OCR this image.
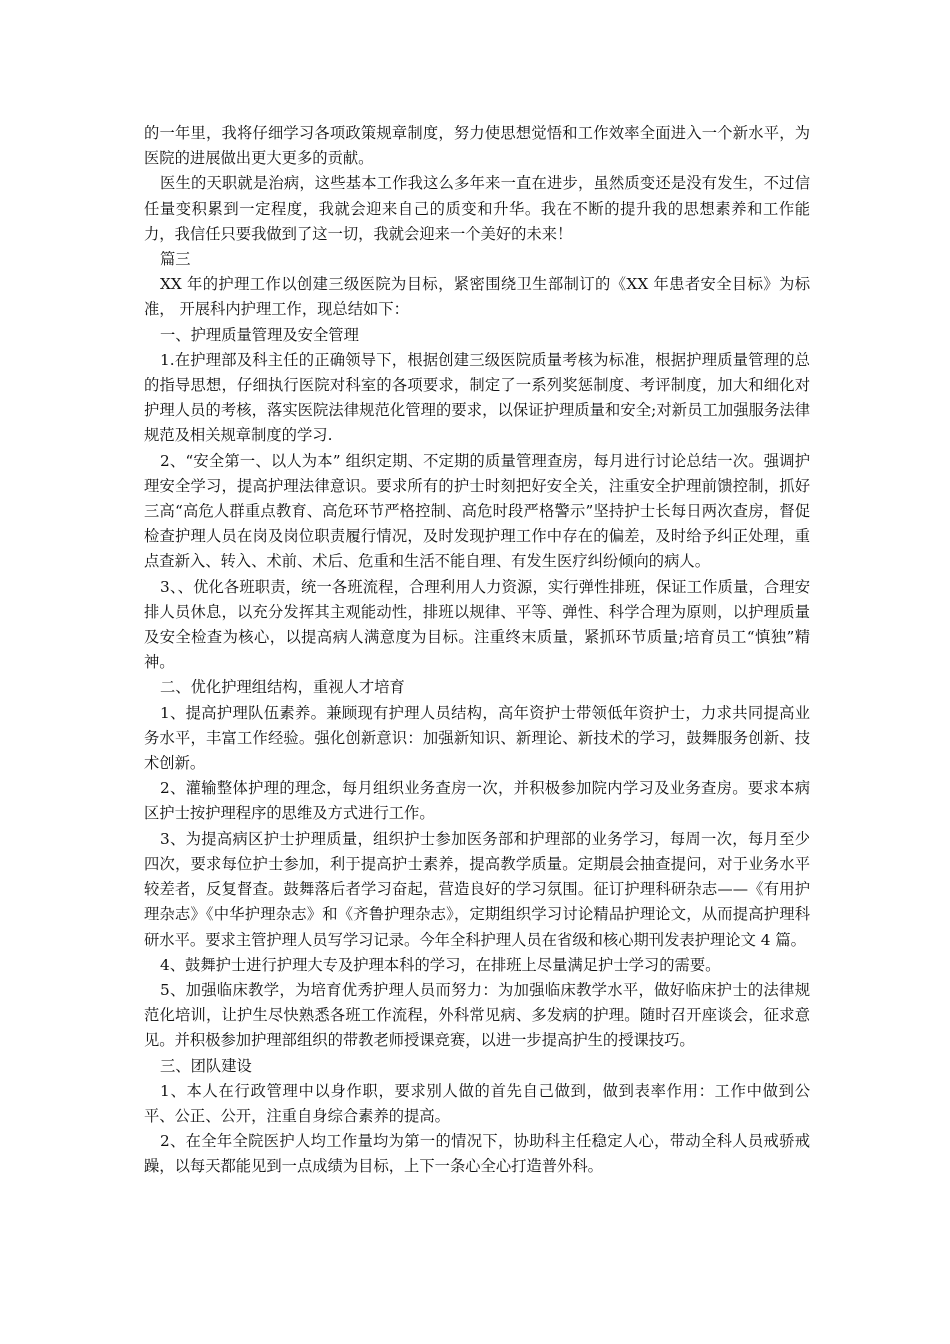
的一年里，我将仔细学习各项政策规章制度，努力使思想觉悟和工作效率全面进入一个新水平，为医院的进展做出更大更多的贡献。

医生的天职就是治病，这些基本工作我这么多年来一直在进步，虽然质变还是没有发生，不过信任量变积累到一定程度，我就会迎来自己的质变和升华。我在不断的提升我的思想素养和工作能力，我信任只要我做到了这一切，我就会迎来一个美好的未来！

篇三

XX 年的护理工作以创建三级医院为目标，紧密围绕卫生部制订的《XX 年患者安全目标》为标准， 开展科内护理工作，现总结如下：

一、护理质量管理及安全管理

1.在护理部及科主任的正确领导下，根据创建三级医院质量考核为标准，根据护理质量管理的总的指导思想，仔细执行医院对科室的各项要求，制定了一系列奖惩制度、考评制度，加大和细化对护理人员的考核，落实医院法律规范化管理的要求，以保证护理质量和安全;对新员工加强服务法律规范及相关规章制度的学习.

2、“安全第一、以人为本” 组织定期、不定期的质量管理查房，每月进行讨论总结一次。强调护理安全学习，提高护理法律意识。要求所有的护士时刻把好安全关，注重安全护理前馈控制，抓好三高“高危人群重点教育、高危环节严格控制、高危时段严格警示”坚持护士长每日两次查房，督促检查护理人员在岗及岗位职责履行情况，及时发现护理工作中存在的偏差，及时给予纠正处理，重点查新入、转入、术前、术后、危重和生活不能自理、有发生医疗纠纷倾向的病人。

3、、优化各班职责，统一各班流程，合理利用人力资源，实行弹性排班，保证工作质量，合理安排人员休息，以充分发挥其主观能动性，排班以规律、平等、弹性、科学合理为原则，以护理质量及安全检查为核心，以提高病人满意度为目标。注重终末质量，紧抓环节质量;培育员工“慎独”精神。

二、优化护理组结构，重视人才培育

1、提高护理队伍素养。兼顾现有护理人员结构，高年资护士带领低年资护士，力求共同提高业务水平，丰富工作经验。强化创新意识：加强新知识、新理论、新技术的学习，鼓舞服务创新、技术创新。

2、灌输整体护理的理念，每月组织业务查房一次，并积极参加院内学习及业务查房。要求本病区护士按护理程序的思维及方式进行工作。

3、为提高病区护士护理质量，组织护士参加医务部和护理部的业务学习，每周一次，每月至少四次，要求每位护士参加，利于提高护士素养，提高教学质量。定期晨会抽查提问，对于业务水平较差者，反复督查。鼓舞落后者学习奋起，营造良好的学习氛围。征订护理科研杂志——《有用护理杂志》《中华护理杂志》和《齐鲁护理杂志》，定期组织学习讨论精品护理论文，从而提高护理科研水平。要求主管护理人员写学习记录。今年全科护理人员在省级和核心期刊发表护理论文 4 篇。

4、鼓舞护士进行护理大专及护理本科的学习，在排班上尽量满足护士学习的需要。

5、加强临床教学，为培育优秀护理人员而努力：为加强临床教学水平，做好临床护士的法律规范化培训，让护生尽快熟悉各班工作流程，外科常见病、多发病的护理。随时召开座谈会，征求意见。并积极参加护理部组织的带教老师授课竞赛，以进一步提高护生的授课技巧。

三、团队建设

1、本人在行政管理中以身作职，要求别人做的首先自己做到，做到表率作用：工作中做到公平、公正、公开，注重自身综合素养的提高。

2、在全年全院医护人均工作量均为第一的情况下，协助科主任稳定人心，带动全科人员戒骄戒躁，以每天都能见到一点成绩为目标，上下一条心全心打造普外科。
